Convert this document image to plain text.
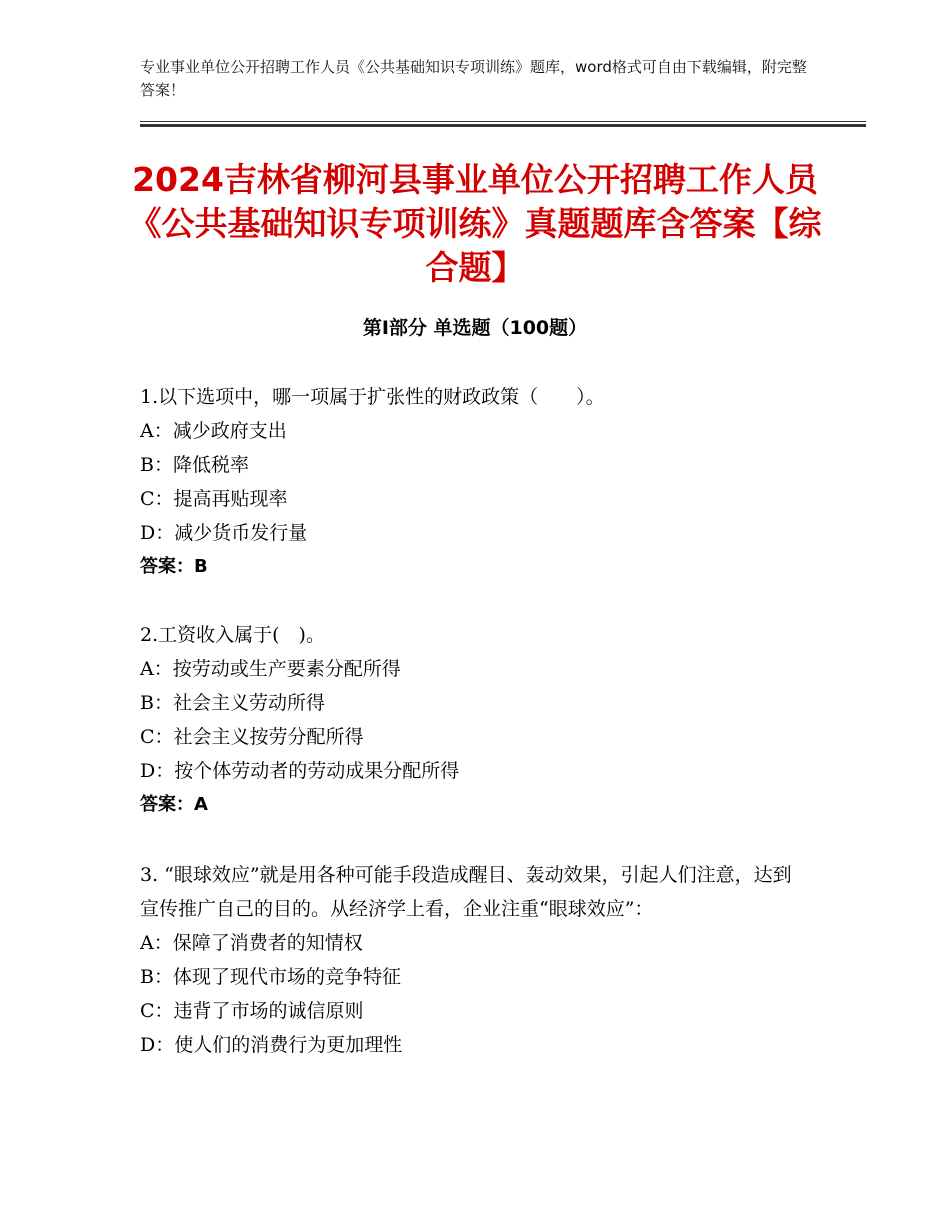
专业事业单位公开招聘工作人员《公共基础知识专项训练》题库，word格式可自由下载编辑，附完整答案！
2024吉林省柳河县事业单位公开招聘工作人员《公共基础知识专项训练》真题题库含答案【综合题】
第Ⅰ部分 单选题（100题）

1.以下选项中，哪一项属于扩张性的财政政策（　　）。

A：减少政府支出

B：降低税率

C：提高再贴现率

D：减少货币发行量

答案：B

2.工资收入属于(　)。

A：按劳动或生产要素分配所得

B：社会主义劳动所得

C：社会主义按劳分配所得

D：按个体劳动者的劳动成果分配所得

答案：A

3. “眼球效应”就是用各种可能手段造成醒目、轰动效果，引起人们注意，达到宣传推广自己的目的。从经济学上看，企业注重“眼球效应”：

A：保障了消费者的知情权

B：体现了现代市场的竞争特征

C：违背了市场的诚信原则

D：使人们的消费行为更加理性
